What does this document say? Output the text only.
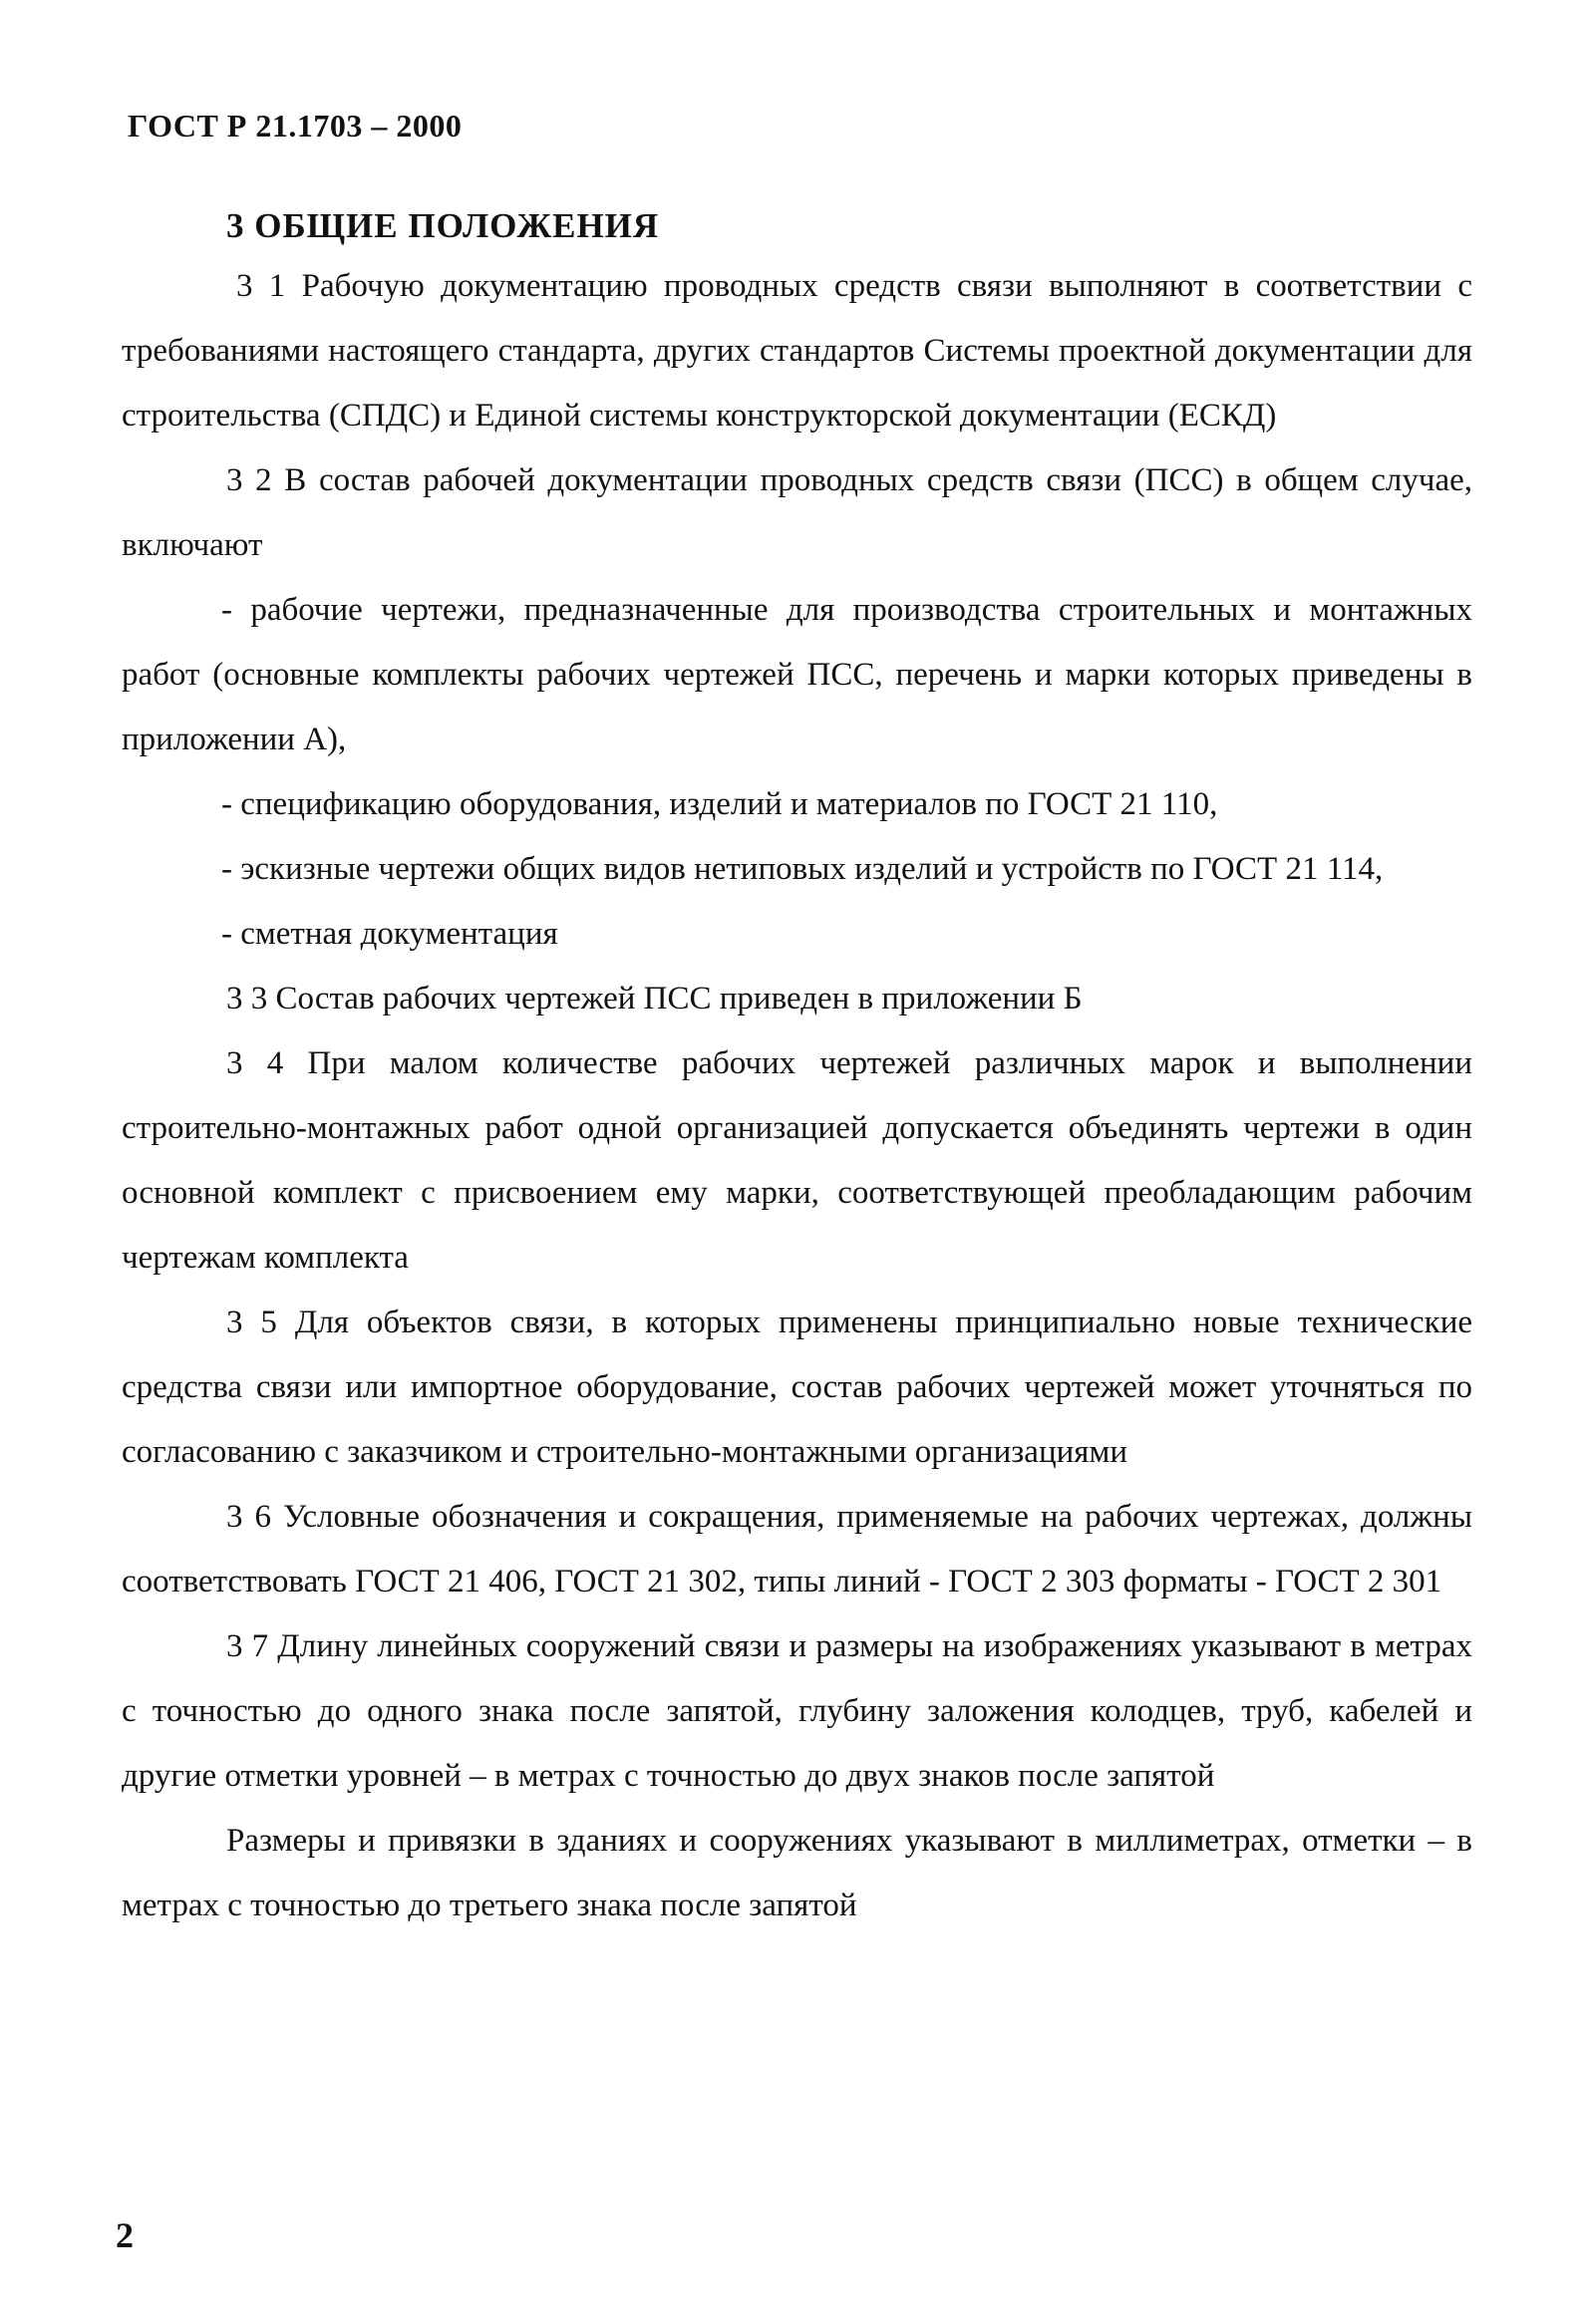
ГОСТ Р 21.1703 – 2000
3 ОБЩИЕ ПОЛОЖЕНИЯ

3 1 Рабочую документацию проводных средств связи выполняют в соответствии с требованиями настоящего стандарта, других стандартов Системы проектной документации для строительства (СПДС) и Единой системы конструкторской документации (ЕСКД)

3 2 В состав рабочей документации проводных средств связи (ПСС) в общем случае, включают

- рабочие чертежи, предназначенные для производства строительных и монтажных работ (основные комплекты рабочих чертежей ПСС, перечень и марки которых приведены в приложении А),

- спецификацию оборудования, изделий и материалов по ГОСТ 21 110,

- эскизные чертежи общих видов нетиповых изделий и устройств по ГОСТ 21 114,

- сметная документация

3 3 Состав рабочих чертежей ПСС приведен в приложении Б

3 4 При малом количестве рабочих чертежей различных марок и выполнении строительно-монтажных работ одной организацией допускается объединять чертежи в один основной комплект с присвоением ему марки, соответствующей преобладающим рабочим чертежам комплекта

3 5 Для объектов связи, в которых применены принципиально новые технические средства связи или импортное оборудование, состав рабочих чертежей может уточняться по согласованию с заказчиком и строительно-монтажными организациями

3 6 Условные обозначения и сокращения, применяемые на рабочих чертежах, должны соответствовать ГОСТ 21 406, ГОСТ 21 302, типы линий - ГОСТ 2 303 форматы - ГОСТ 2 301

3 7 Длину линейных сооружений связи и размеры на изображениях указывают в метрах с точностью до одного знака после запятой, глубину заложения колодцев, труб, кабелей и другие отметки уровней – в метрах с точностью до двух знаков после запятой

Размеры и привязки в зданиях и сооружениях указывают в миллиметрах, отметки – в метрах с точностью до третьего знака после запятой

2
